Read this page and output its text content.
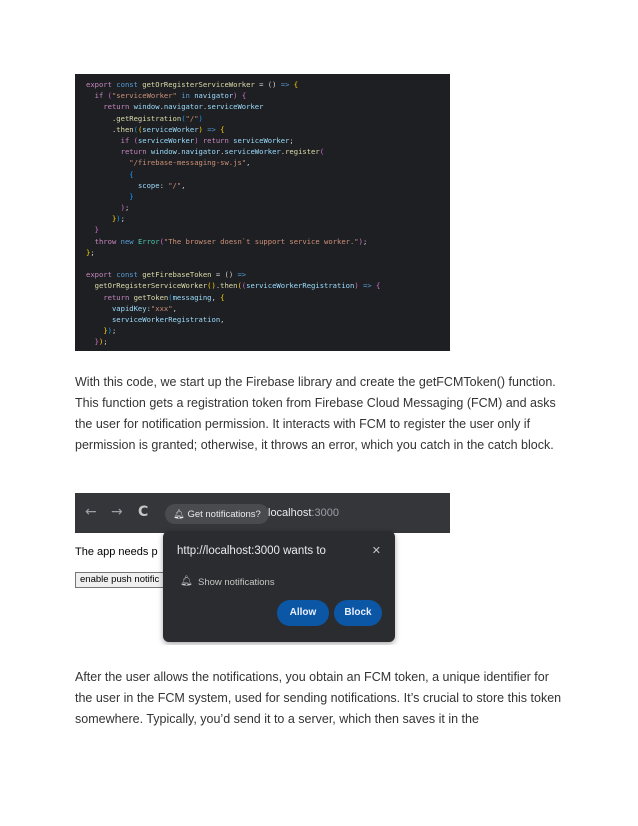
export const getOrRegisterServiceWorker = () => {
if ("serviceWorker" in navigator) {
return window.navigator.serviceWorker
.getRegistration("/")
.then((serviceWorker) => {
if (serviceWorker) return serviceWorker;
return window.navigator.serviceWorker.register(
"/firebase-messaging-sw.js",
{
scope: "/",
}
);
});
}
throw new Error("The browser doesn`t support service worker.");
};
export const getFirebaseToken = () =>
getOrRegisterServiceWorker().then((serviceWorkerRegistration) => {
return getToken(messaging, {
vapidKey:"xxx",
serviceWorkerRegistration,
});
});

With this code, we start up the Firebase library and create the getFCMToken() function. This function gets a registration token from Firebase Cloud Messaging (FCM) and asks the user for notification permission. It interacts with FCM to register the user only if permission is granted; otherwise, it throws an error, which you catch in the catch block.

← → C	🔔︎ Get notifications? localhost:3000
The app needs p
enable push notific
http://localhost:3000 wants to	✕
🔔︎ Show notifications
Allow	Block

After the user allows the notifications, you obtain an FCM token, a unique identifier for the user in the FCM system, used for sending notifications. It’s crucial to store this token somewhere. Typically, you’d send it to a server, which then saves it in the
